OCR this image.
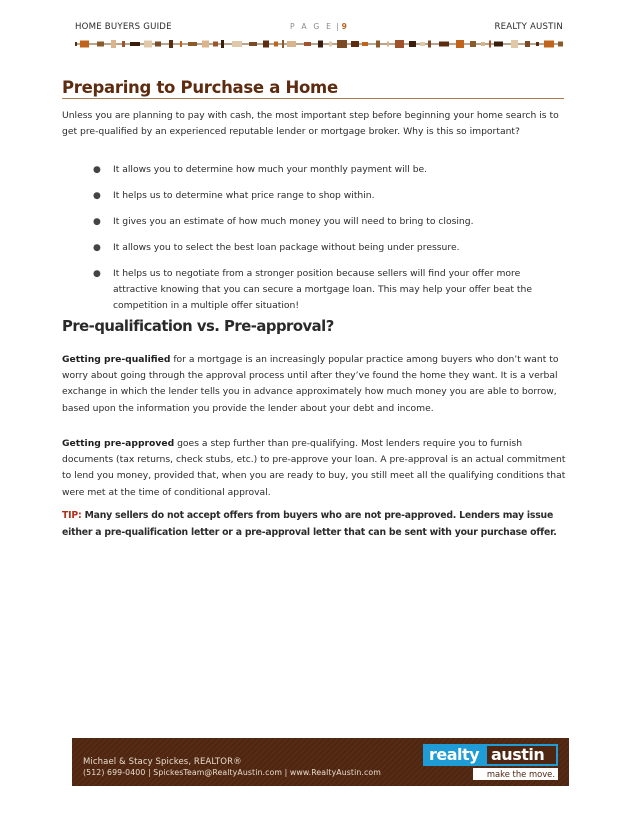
HOME BUYERS GUIDE	P A G E | 9	REALTY AUSTIN
Preparing to Purchase a Home
Unless you are planning to pay with cash, the most important step before beginning your home search is to get pre-qualified by an experienced reputable lender or mortgage broker. Why is this so important?
● It allows you to determine how much your monthly payment will be.
● It helps us to determine what price range to shop within.
● It gives you an estimate of how much money you will need to bring to closing.
● It allows you to select the best loan package without being under pressure.
● It helps us to negotiate from a stronger position because sellers will find your offer more attractive knowing that you can secure a mortgage loan. This may help your offer beat the competition in a multiple offer situation!
Pre-qualification vs. Pre-approval?
Getting pre-qualified for a mortgage is an increasingly popular practice among buyers who don’t want to worry about going through the approval process until after they’ve found the home they want. It is a verbal exchange in which the lender tells you in advance approximately how much money you are able to borrow, based upon the information you provide the lender about your debt and income.
Getting pre-approved goes a step further than pre-qualifying. Most lenders require you to furnish documents (tax returns, check stubs, etc.) to pre-approve your loan. A pre-approval is an actual commitment to lend you money, provided that, when you are ready to buy, you still meet all the qualifying conditions that were met at the time of conditional approval.
TIP: Many sellers do not accept offers from buyers who are not pre-approved. Lenders may issue either a pre-qualification letter or a pre-approval letter that can be sent with your purchase offer.
Michael & Stacy Spickes, REALTOR®
(512) 699-0400 | SpickesTeam@RealtyAustin.com | www.RealtyAustin.com
realty austin
make the move.
